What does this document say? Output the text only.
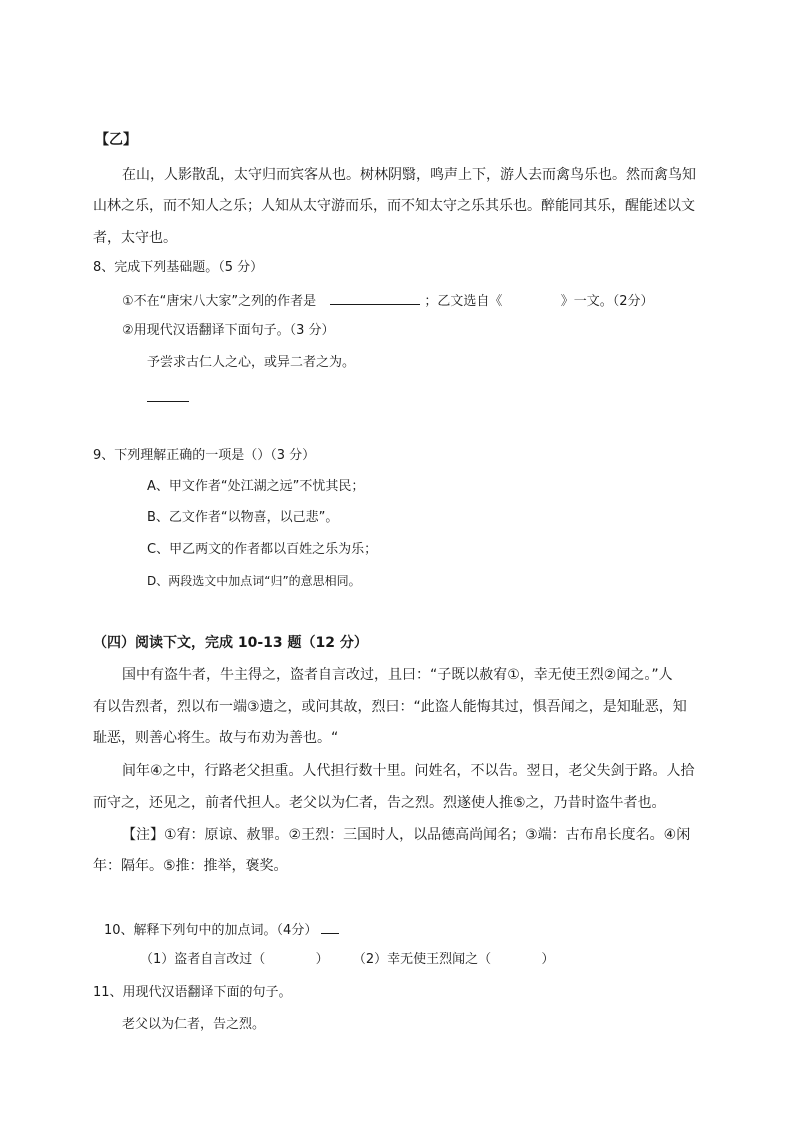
【乙】
在山，人影散乱，太守归而宾客从也。树林阴翳，鸣声上下，游人去而禽鸟乐也。然而禽鸟知
山林之乐，而不知人之乐；人知从太守游而乐，而不知太守之乐其乐也。醉能同其乐，醒能述以文
者，太守也。
8、完成下列基础题。（5 分）
①不在“唐宋八大家”之列的作者是	；乙文选自《	》一文。（2分）
②用现代汉语翻译下面句子。（3 分）
予尝求古仁人之心，或异二者之为。
9、下列理解正确的一项是（）（3 分）
A、甲文作者“处江湖之远”不忧其民；
B、乙文作者“以物喜，以己悲”。
C、甲乙两文的作者都以百姓之乐为乐；
D、两段选文中加点词“归”的意思相同。
（四）阅读下文，完成 10-13 题（12 分）
国中有盗牛者，牛主得之，盗者自言改过，且曰：“子既以赦宥①，幸无使王烈②闻之。”人
有以告烈者，烈以布一端③遗之，或问其故，烈曰：“此盗人能悔其过，惧吾闻之，是知耻恶，知
耻恶，则善心将生。故与布劝为善也。“
间年④之中，行路老父担重。人代担行数十里。问姓名，不以告。翌日，老父失剑于路。人拾
而守之，还见之，前者代担人。老父以为仁者，告之烈。烈遂使人推⑤之，乃昔时盗牛者也。
【注】①宥：原谅、赦罪。②王烈：三国时人，以品德高尚闻名；③端：古布帛长度名。④闲
年：隔年。⑤推：推举，褒奖。
10、解释下列句中的加点词。（4分）
（1）盗者自言改过（	） （2）幸无使王烈闻之（	）
11、用现代汉语翻译下面的句子。
老父以为仁者，告之烈。
